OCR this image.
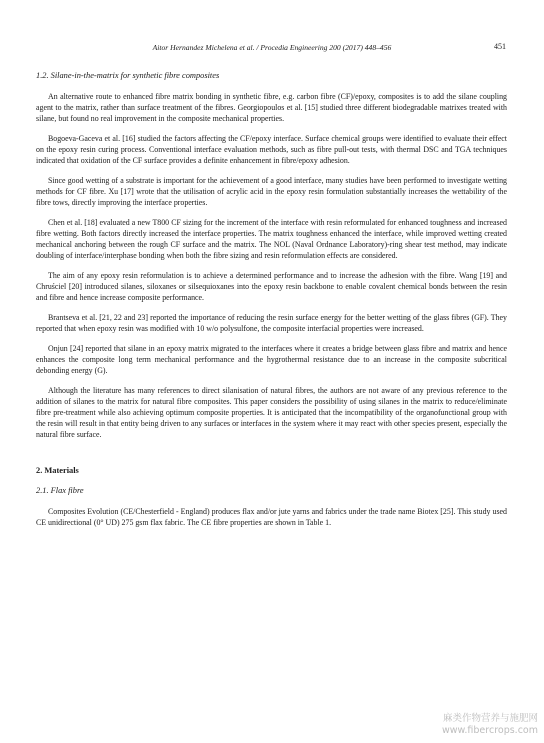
Aitor Hernandez Michelena et al. / Procedia Engineering 200 (2017) 448–456	451
1.2. Silane-in-the-matrix for synthetic fibre composites

An alternative route to enhanced fibre matrix bonding in synthetic fibre, e.g. carbon fibre (CF)/epoxy, composites is to add the silane coupling agent to the matrix, rather than surface treatment of the fibres. Georgiopoulos et al. [15] studied three different biodegradable matrixes treated with silane, but found no real improvement in the composite mechanical properties.

Bogoeva-Gaceva et al. [16] studied the factors affecting the CF/epoxy interface. Surface chemical groups were identified to evaluate their effect on the epoxy resin curing process. Conventional interface evaluation methods, such as fibre pull-out tests, with thermal DSC and TGA techniques indicated that oxidation of the CF surface provides a definite enhancement in fibre/epoxy adhesion.

Since good wetting of a substrate is important for the achievement of a good interface, many studies have been performed to investigate wetting methods for CF fibre. Xu [17] wrote that the utilisation of acrylic acid in the epoxy resin formulation substantially increases the wettability of the fibre tows, directly improving the interface properties.

Chen et al. [18] evaluated a new T800 CF sizing for the increment of the interface with resin reformulated for enhanced toughness and increased fibre wetting. Both factors directly increased the interface properties. The matrix toughness enhanced the interface, while improved wetting created mechanical anchoring between the rough CF surface and the matrix. The NOL (Naval Ordnance Laboratory)-ring shear test method, may indicate doubling of interface/interphase bonding when both the fibre sizing and resin reformulation effects are considered.

The aim of any epoxy resin reformulation is to achieve a determined performance and to increase the adhesion with the fibre. Wang [19] and Chruściel [20] introduced silanes, siloxanes or silsequioxanes into the epoxy resin backbone to enable covalent chemical bonds between the resin and fibre and hence increase composite performance.

Brantseva et al. [21, 22 and 23] reported the importance of reducing the resin surface energy for the better wetting of the glass fibres (GF). They reported that when epoxy resin was modified with 10 w/o polysulfone, the composite interfacial properties were increased.

Onjun [24] reported that silane in an epoxy matrix migrated to the interfaces where it creates a bridge between glass fibre and matrix and hence enhances the composite long term mechanical performance and the hygrothermal resistance due to an increase in the composite subcritical debonding energy (G).

Although the literature has many references to direct silanisation of natural fibres, the authors are not aware of any previous reference to the addition of silanes to the matrix for natural fibre composites. This paper considers the possibility of using silanes in the matrix to reduce/eliminate fibre pre-treatment while also achieving optimum composite properties. It is anticipated that the incompatibility of the organofunctional group with the resin will result in that entity being driven to any surfaces or interfaces in the system where it may react with other species present, especially the natural fibre surface.

2. Materials
2.1. Flax fibre

Composites Evolution (CE/Chesterfield - England) produces flax and/or jute yarns and fabrics under the trade name Biotex [25]. This study used CE unidirectional (0° UD) 275 gsm flax fabric. The CE fibre properties are shown in Table 1.

麻类作物营养与施肥网
www.fibercrops.com
